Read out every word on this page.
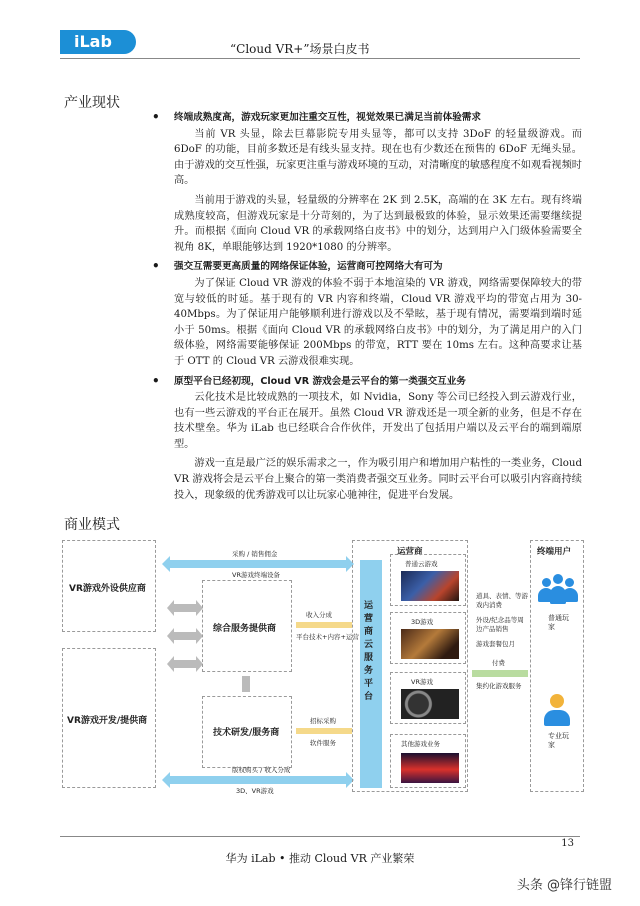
iLab	“Cloud VR+”场景白皮书
产业现状

• 终端成熟度高，游戏玩家更加注重交互性，视觉效果已满足当前体验需求

当前 VR 头显，除去巨幕影院专用头显等，都可以支持 3DoF 的轻量级游戏。而 6DoF 的功能，目前多数还是有线头显支持。现在也有少数还在预售的 6DoF 无绳头显。由于游戏的交互性强，玩家更注重与游戏环境的互动，对清晰度的敏感程度不如观看视频时高。

当前用于游戏的头显，轻量级的分辨率在 2K 到 2.5K，高端的在 3K 左右。现有终端成熟度较高，但游戏玩家是十分苛刻的，为了达到最极致的体验，显示效果还需要继续提升。而根据《面向 Cloud VR 的承载网络白皮书》中的划分，达到用户入门级体验需要全视角 8K，单眼能够达到 1920*1080 的分辨率。

• 强交互需要更高质量的网络保证体验，运营商可控网络大有可为

为了保证 Cloud VR 游戏的体验不弱于本地渲染的 VR 游戏，网络需要保障较大的带宽与较低的时延。基于现有的 VR 内容和终端，Cloud VR 游戏平均的带宽占用为 30-40Mbps。为了保证用户能够顺利进行游戏以及不晕眩，基于现有情况，需要端到端时延小于 50ms。根据《面向 Cloud VR 的承载网络白皮书》中的划分，为了满足用户的入门级体验，网络需要能够保证 200Mbps 的带宽，RTT 要在 10ms 左右。这种高要求让基于 OTT 的 Cloud VR 云游戏很难实现。

• 原型平台已经初现，Cloud VR 游戏会是云平台的第一类强交互业务

云化技术是比较成熟的一项技术，如 Nvidia，Sony 等公司已经投入到云游戏行业，也有一些云游戏的平台正在展开。虽然 Cloud VR 游戏还是一项全新的业务，但是不存在技术壁垒。华为 iLab 也已经联合合作伙伴，开发出了包括用户端以及云平台的端到端原型。

游戏一直是最广泛的娱乐需求之一，作为吸引用户和增加用户粘性的一类业务，Cloud VR 游戏将会是云平台上聚合的第一类消费者强交互业务。同时云平台可以吸引内容商持续投入，现象级的优秀游戏可以让玩家心驰神往，促进平台发展。

商业模式
VR游戏外设供应商
VR游戏开发/提供商
综合服务提供商
技术研发/服务商
采购 / 销售佣金
VR游戏终端设备
版权购买 / 收入分成
3D、VR游戏
收入分成
平台技术+内容+运营
招标采购
软件服务
运营商
运营商云服务平台
普通云游戏
3D游戏
VR游戏
其他游戏业务
道具、表情、等游戏内消费
外设/纪念品等周边产品销售
游戏套餐包月
付费
集约化游戏服务
终端用户
普通玩家
专业玩家
13
华为 iLab • 推动 Cloud VR 产业繁荣
头条 @锋行链盟
